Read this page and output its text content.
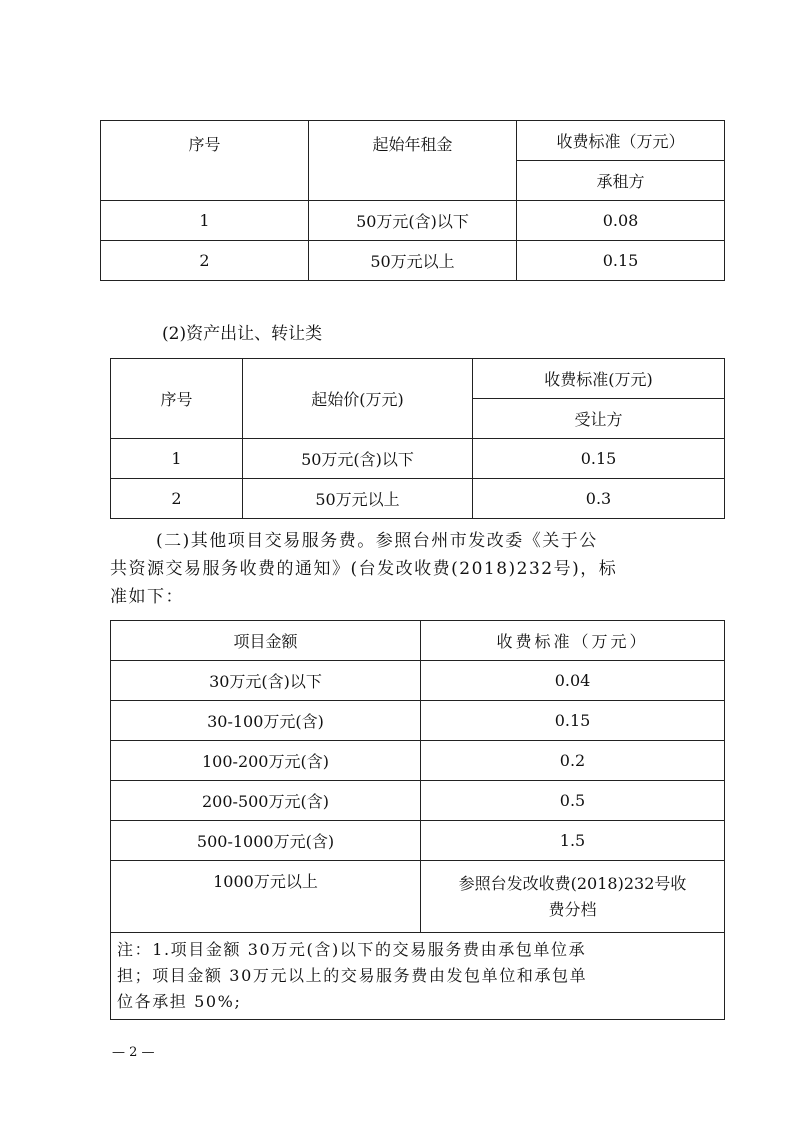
序号	起始年租金	收费标准（万元）
		承租方
1	50万元(含)以下	0.08
2	50万元以上	0.15

(2)资产出让、转让类

序号	起始价(万元)	收费标准(万元)
		受让方
1	50万元(含)以下	0.15
2	50万元以上	0.3
(二)其他项目交易服务费。参照台州市发改委《关于公
共资源交易服务收费的通知》(台发改收费(2018)232号)，标
准如下：
项目金额	收费标准（万元）
30万元(含)以下	0.04
30-100万元(含)	0.15
100-200万元(含)	0.2
200-500万元(含)	0.5
500-1000万元(含)	1.5
1000万元以上	参照台发改收费(2018)232号收
费分档

注：1.项目金额 30万元(含)以下的交易服务费由承包单位承
担；项目金额 30万元以上的交易服务费由发包单位和承包单
位各承担 50%;	
— 2 —
